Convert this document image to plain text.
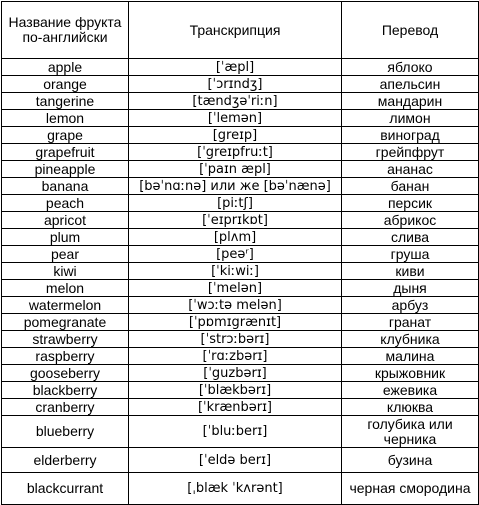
Название фрукта по-английски	Транскрипция	Перевод
apple	[ˈæpl]	яблоко
orange	[ˈɔrɪndʒ]	апельсин
tangerine	[tændʒəˈriːn]	мандарин
lemon	[ˈlemən]	лимон
grape	[greɪp]	виноград
grapefruit	[ˈgreɪpfruːt]	грейпфрут
pineapple	[ˈpaɪn æpl]	ананас
banana	[bəˈnɑːnə] или же [bəˈnænə]	банан
peach	[piːtʃ]	персик
apricot	[ˈeɪprɪkɒt]	абрикос
plum	[plʌm]	слива
pear	[peəʳ]	груша
kiwi	[ˈkiːwiː]	киви
melon	[ˈmelən]	дыня
watermelon	[ˈwɔːtə melən]	арбуз
pomegranate	[ˈpɒmɪgrænɪt]	гранат
strawberry	[ˈstrɔːbərɪ]	клубника
raspberry	[ˈrɑːzbərɪ]	малина
gooseberry	[ˈguzbərɪ]	крыжовник
blackberry	[ˈblækbərɪ]	ежевика
cranberry	[ˈkrænbərɪ]	клюква
blueberry	[ˈbluːberɪ]	голубика или черника
elderberry	[ˈeldə berɪ]	бузина
blackcurrant	[ˌblæk ˈkʌrənt]	черная смородина
